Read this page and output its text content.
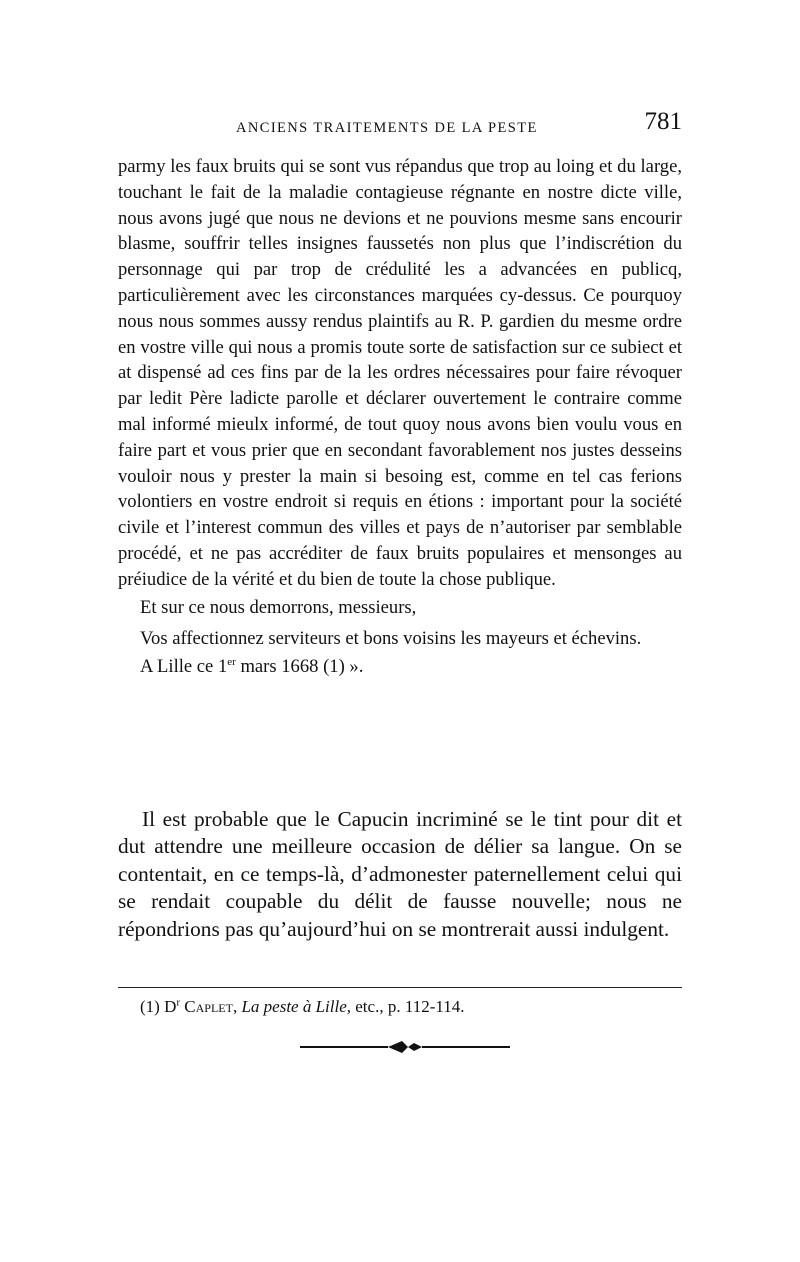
ANCIENS TRAITEMENTS DE LA PESTE	781

parmy les faux bruits qui se sont vus répandus que trop au loing et du large, touchant le fait de la maladie contagieuse régnante en nostre dicte ville, nous avons jugé que nous ne devions et ne pouvions mesme sans encourir blasme, souffrir telles insignes faussetés non plus que l’indiscrétion du personnage qui par trop de crédulité les a advancées en publicq, particulièrement avec les circonstances marquées cy-dessus. Ce pourquoy nous nous sommes aussy rendus plaintifs au R. P. gardien du mesme ordre en vostre ville qui nous a promis toute sorte de satisfaction sur ce subiect et at dispensé ad ces fins par de la les ordres nécessaires pour faire révoquer par ledit Père ladicte parolle et déclarer ouvertement le contraire comme mal informé mieulx informé, de tout quoy nous avons bien voulu vous en faire part et vous prier que en secondant favorablement nos justes desseins vouloir nous y prester la main si besoing est, comme en tel cas ferions volontiers en vostre endroit si requis en étions : important pour la société civile et l’interest commun des villes et pays de n’autoriser par semblable procédé, et ne pas accréditer de faux bruits populaires et mensonges au préiudice de la vérité et du bien de toute la chose publique.

Et sur ce nous demorrons, messieurs,

Vos affectionnez serviteurs et bons voisins les mayeurs et échevins.

A Lille ce 1er mars 1668 (1) ».

Il est probable que le Capucin incriminé se le tint pour dit et dut attendre une meilleure occasion de délier sa langue. On se contentait, en ce temps-là, d’admonester paternellement celui qui se rendait coupable du délit de fausse nouvelle; nous ne répondrions pas qu’aujourd’hui on se montrerait aussi indulgent.

(1) $D^r$ Caplet, La peste à Lille, etc., p. 112-114.
